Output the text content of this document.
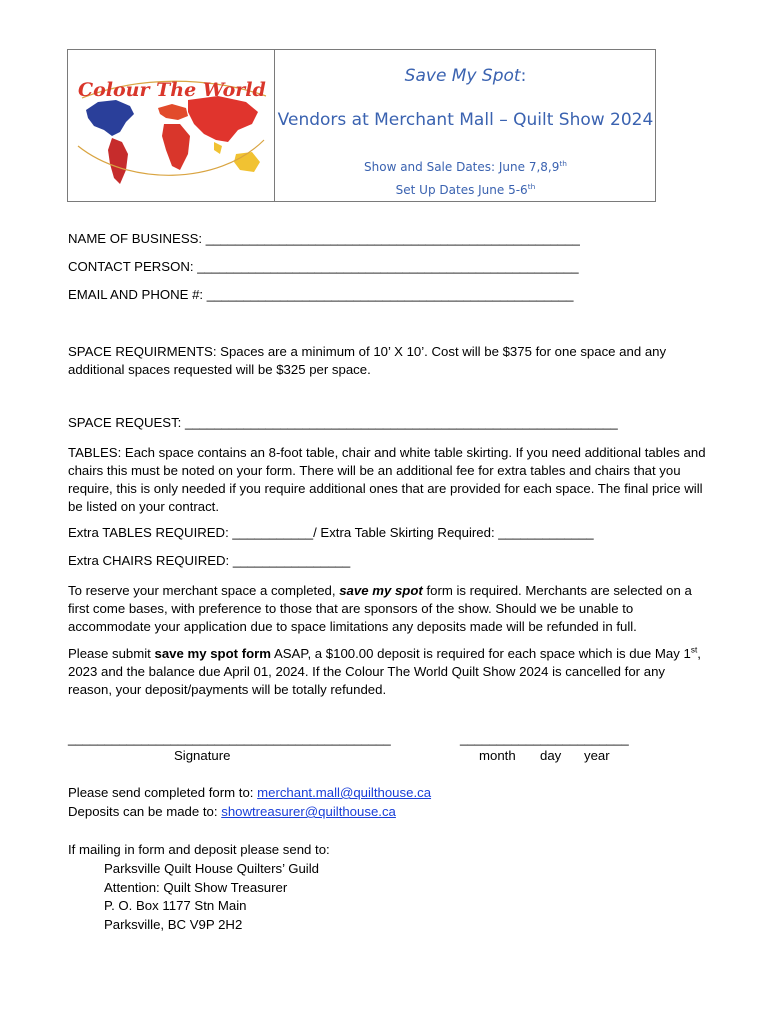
Colour The World
Save My Spot:
Vendors at Merchant Mall – Quilt Show 2024
Show and Sale Dates: June 7,8,9th
Set Up Dates June 5-6th
NAME OF BUSINESS: ___________________________________________________
CONTACT PERSON: ____________________________________________________
EMAIL AND PHONE #: __________________________________________________
SPACE REQUIRMENTS: Spaces are a minimum of 10’ X 10’. Cost will be $375 for one space and any additional spaces requested will be $325 per space.
SPACE REQUEST: ___________________________________________________________
TABLES: Each space contains an 8-foot table, chair and white table skirting. If you need additional tables and chairs this must be noted on your form. There will be an additional fee for extra tables and chairs that you require, this is only needed if you require additional ones that are provided for each space. The final price will be listed on your contract.
Extra TABLES REQUIRED: ___________/ Extra Table Skirting Required: _____________
Extra CHAIRS REQUIRED: ________________
To reserve your merchant space a completed, save my spot form is required. Merchants are selected on a first come bases, with preference to those that are sponsors of the show. Should we be unable to accommodate your application due to space limitations any deposits made will be refunded in full.
Please submit save my spot form ASAP, a $100.00 deposit is required for each space which is due May 1st, 2023 and the balance due April 01, 2024. If the Colour The World Quilt Show 2024 is cancelled for any reason, your deposit/payments will be totally refunded.
____________________________________________	_______________________
Signature	month day year
Please send completed form to: merchant.mall@quilthouse.ca
Deposits can be made to: showtreasurer@quilthouse.ca
If mailing in form and deposit please send to:
Parksville Quilt House Quilters’ Guild
Attention: Quilt Show Treasurer
P. O. Box 1177 Stn Main
Parksville, BC V9P 2H2
